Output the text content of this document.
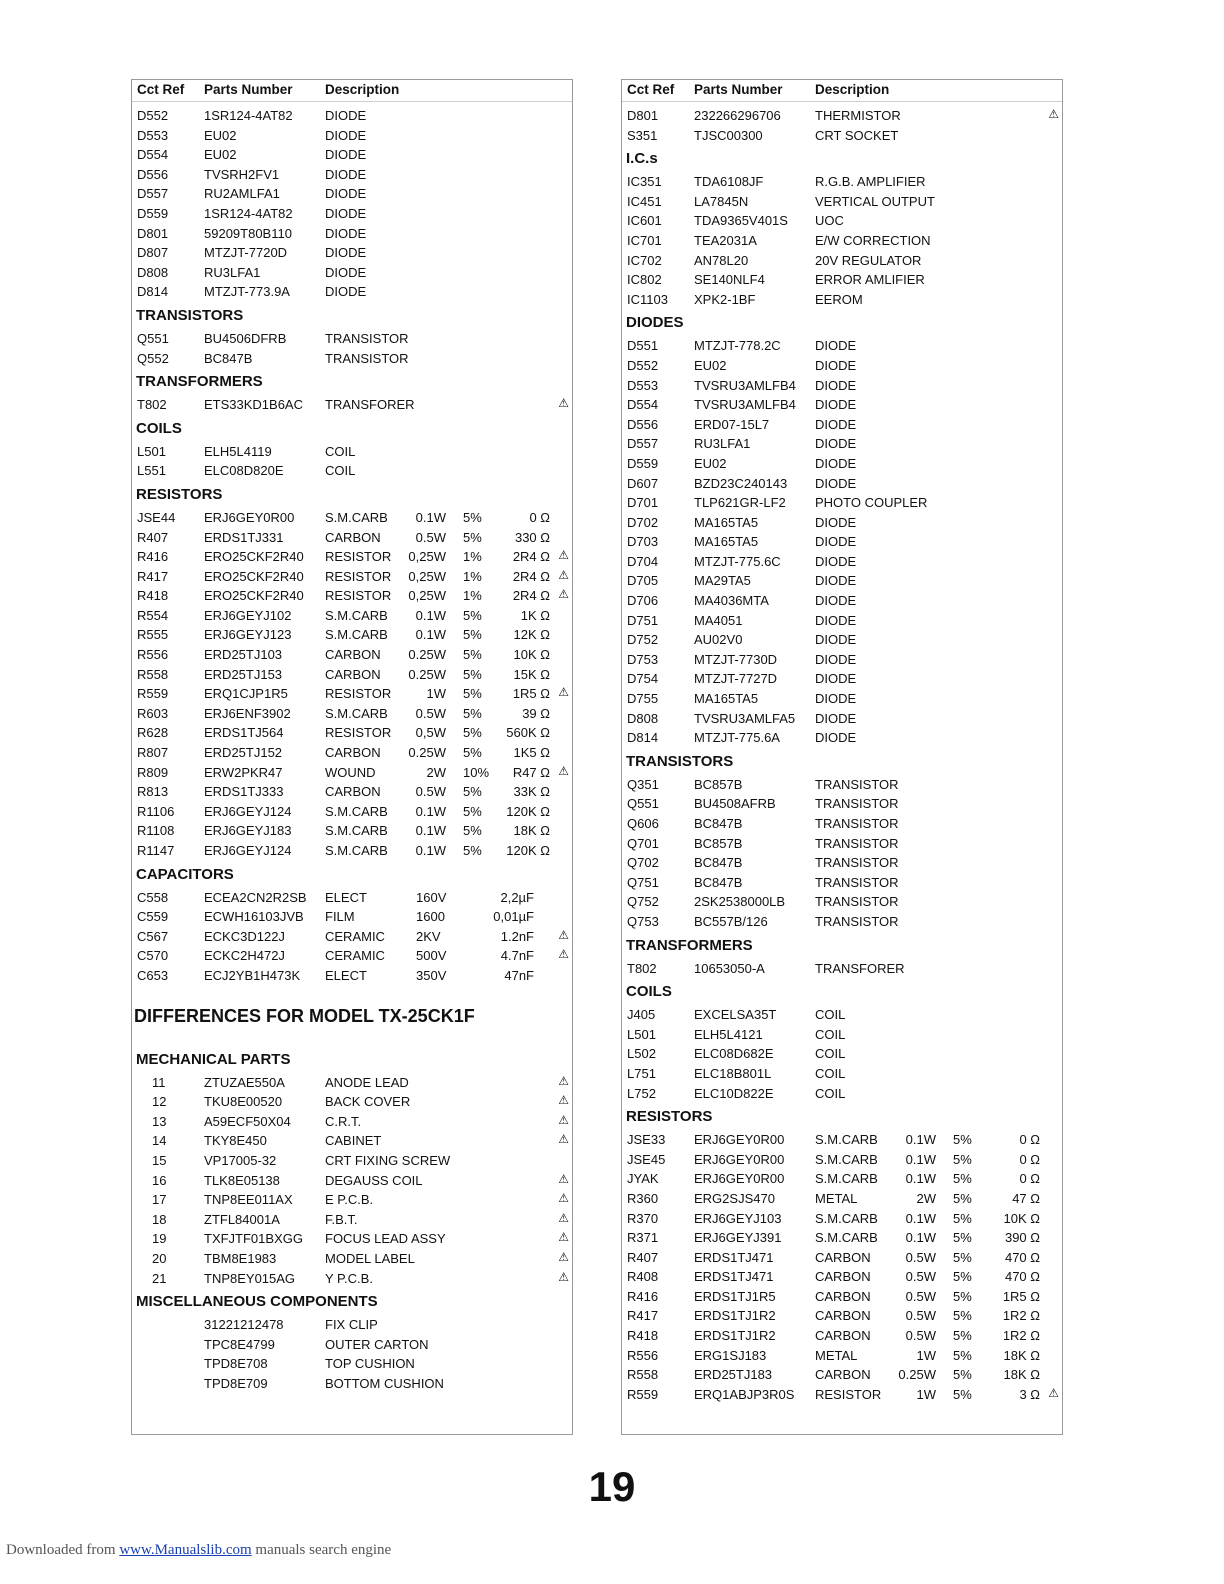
Cct Ref Parts Number Description
D552	1SR124-4AT82 DIODE
D553	EU02	DIODE
D554	EU02	DIODE
D556	TVSRH2FV1	DIODE
D557	RU2AMLFA1	DIODE
D559	1SR124-4AT82 DIODE
D801	59209T80B110	DIODE
D807	MTZJT-7720D	DIODE
D808	RU3LFA1	DIODE
D814	MTZJT-773.9A	DIODE
TRANSISTORS
Q551	BU4506DFRB	TRANSISTOR
Q552	BC847B	TRANSISTOR
TRANSFORMERS
T802	ETS33KD1B6AC TRANSFORER	⚠
COILS
L501	ELH5L4119	COIL
L551	ELC08D820E	COIL
RESISTORS
JSE44 ERJ6GEY0R00 S.M.CARB 0.1W 5%	0 Ω
R407	ERDS1TJ331	CARBON	0.5W 5%	330 Ω
R416	ERO25CKF2R40 RESISTOR 0,25W 1% 2R4 Ω ⚠
R417	ERO25CKF2R40 RESISTOR 0,25W 1% 2R4 Ω ⚠
R418	ERO25CKF2R40 RESISTOR 0,25W 1% 2R4 Ω ⚠
R554	ERJ6GEYJ102	S.M.CARB 0.1W 5%	1K Ω
R555	ERJ6GEYJ123	S.M.CARB 0.1W 5% 12K Ω
R556	ERD25TJ103	CARBON 0.25W 5% 10K Ω
R558	ERD25TJ153	CARBON 0.25W 5% 15K Ω
R559	ERQ1CJP1R5	RESISTOR	1W 5% 1R5 Ω ⚠
R603	ERJ6ENF3902	S.M.CARB 0.5W 5%	39 Ω
R628	ERDS1TJ564	RESISTOR 0,5W 5% 560K Ω
R807	ERD25TJ152	CARBON 0.25W 5% 1K5 Ω
R809	ERW2PKR47	WOUND	2W 10% R47 Ω ⚠
R813	ERDS1TJ333	CARBON	0.5W 5% 33K Ω
R1106 ERJ6GEYJ124	S.M.CARB 0.1W 5% 120K Ω
R1108 ERJ6GEYJ183	S.M.CARB 0.1W 5% 18K Ω
R1147 ERJ6GEYJ124	S.M.CARB 0.1W 5% 120K Ω
CAPACITORS
C558	ECEA2CN2R2SB ELECT	160V	2,2µF
C559	ECWH16103JVB FILM	1600	0,01µF
C567	ECKC3D122J	CERAMIC 2KV	1.2nF ⚠
C570	ECKC2H472J	CERAMIC 500V	4.7nF ⚠
C653	ECJ2YB1H473K ELECT	350V	47nF
DIFFERENCES FOR MODEL TX-25CK1F
MECHANICAL PARTS
11	ZTUZAE550A	ANODE LEAD	⚠
12	TKU8E00520	BACK COVER	⚠
13	A59ECF50X04	C.R.T.	⚠
14	TKY8E450	CABINET	⚠
15	VP17005-32	CRT FIXING SCREW
16	TLK8E05138	DEGAUSS COIL	⚠
17	TNP8EE011AX E P.C.B.	⚠
18	ZTFL84001A	F.B.T.	⚠
19	TXFJTF01BXGG FOCUS LEAD ASSY	⚠
20	TBM8E1983	MODEL LABEL	⚠
21	TNP8EY015AG Y P.C.B.	⚠
MISCELLANEOUS COMPONENTS
31221212478	FIX CLIP
TPC8E4799	OUTER CARTON
TPD8E708	TOP CUSHION
TPD8E709	BOTTOM CUSHION
Cct Ref Parts Number Description
D801	232266296706	THERMISTOR	⚠
S351	TJSC00300	CRT SOCKET
I.C.s
IC351 TDA6108JF	R.G.B. AMPLIFIER
IC451 LA7845N	VERTICAL OUTPUT
IC601 TDA9365V401S UOC
IC701 TEA2031A	E/W CORRECTION
IC702 AN78L20	20V REGULATOR
IC802 SE140NLF4	ERROR AMLIFIER
IC1103 XPK2-1BF	EEROM
DIODES
D551	MTZJT-778.2C	DIODE
D552	EU02	DIODE
D553	TVSRU3AMLFB4 DIODE
D554	TVSRU3AMLFB4 DIODE
D556	ERD07-15L7	DIODE
D557	RU3LFA1	DIODE
D559	EU02	DIODE
D607	BZD23C240143 DIODE
D701	TLP621GR-LF2 PHOTO COUPLER
D702	MA165TA5	DIODE
D703	MA165TA5	DIODE
D704	MTZJT-775.6C	DIODE
D705	MA29TA5	DIODE
D706	MA4036MTA	DIODE
D751	MA4051	DIODE
D752	AU02V0	DIODE
D753	MTZJT-7730D	DIODE
D754	MTZJT-7727D	DIODE
D755	MA165TA5	DIODE
D808	TVSRU3AMLFA5 DIODE
D814	MTZJT-775.6A	DIODE
TRANSISTORS
Q351	BC857B	TRANSISTOR
Q551	BU4508AFRB	TRANSISTOR
Q606	BC847B	TRANSISTOR
Q701	BC857B	TRANSISTOR
Q702	BC847B	TRANSISTOR
Q751	BC847B	TRANSISTOR
Q752	2SK2538000LB TRANSISTOR
Q753	BC557B/126	TRANSISTOR
TRANSFORMERS
T802	10653050-A	TRANSFORER
COILS
J405	EXCELSA35T	COIL
L501	ELH5L4121	COIL
L502	ELC08D682E	COIL
L751	ELC18B801L	COIL
L752	ELC10D822E	COIL
RESISTORS
JSE33 ERJ6GEY0R00 S.M.CARB 0.1W 5%	0 Ω
JSE45 ERJ6GEY0R00 S.M.CARB 0.1W 5%	0 Ω
JYAK	ERJ6GEY0R00 S.M.CARB 0.1W 5%	0 Ω
R360	ERG2SJS470	METAL	2W 5%	47 Ω
R370	ERJ6GEYJ103	S.M.CARB 0.1W 5% 10K Ω
R371	ERJ6GEYJ391	S.M.CARB 0.1W 5%	390 Ω
R407	ERDS1TJ471	CARBON	0.5W 5%	470 Ω
R408	ERDS1TJ471	CARBON	0.5W 5%	470 Ω
R416	ERDS1TJ1R5	CARBON	0.5W 5% 1R5 Ω
R417	ERDS1TJ1R2	CARBON	0.5W 5% 1R2 Ω
R418	ERDS1TJ1R2	CARBON	0.5W 5% 1R2 Ω
R556	ERG1SJ183	METAL	1W 5% 18K Ω
R558	ERD25TJ183	CARBON 0.25W 5% 18K Ω
R559	ERQ1ABJP3R0S RESISTOR	1W 5%	3 Ω ⚠
19
Downloaded from www.Manualslib.com manuals search engine
